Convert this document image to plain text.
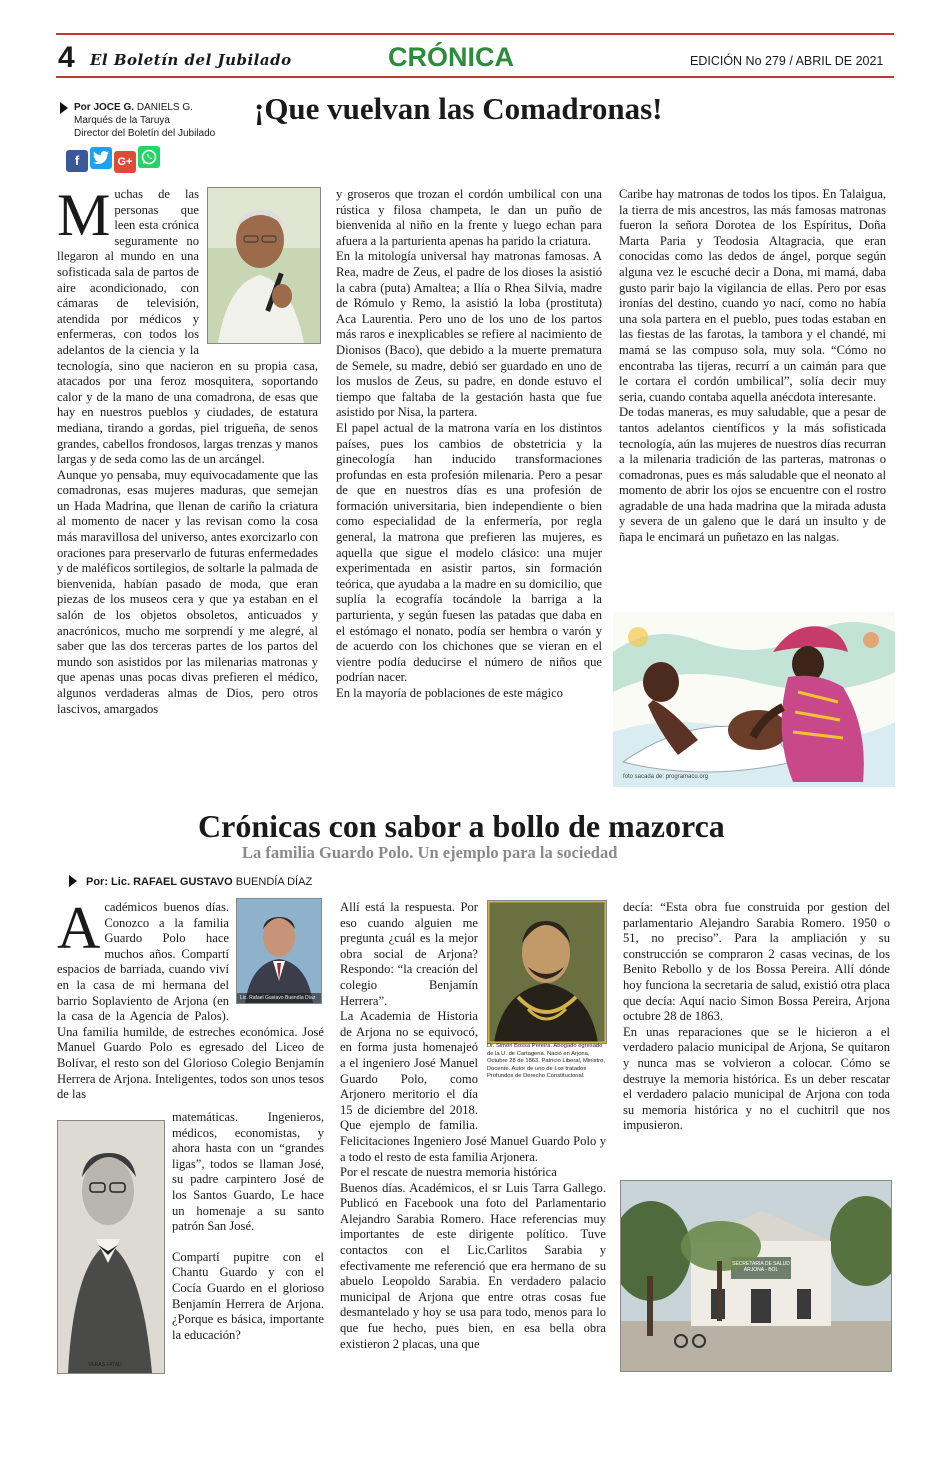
4 El Boletín del Jubilado	CRÓNICA	EDICIÓN No 279 / ABRIL DE 2021
Por JOCE G. DANIELS G.
Marqués de la Taruya
Director del Boletín del Jubilado
f	G+
¡Que vuelvan las Comadronas!
M uchas de las personas que leen esta crónica seguramente no llegaron al mundo en una sofisticada sala de partos de aire acondicionado, con cámaras de televisión, atendida por médicos y enfermeras, con todos los adelantos de la ciencia y la tecnología, sino que nacieron en su propia casa, atacados por una feroz mosquitera, soportando calor y de la mano de una comadrona, de esas que hay en nuestros pueblos y ciudades, de estatura mediana, tirando a gordas, piel trigueña, de senos grandes, cabellos frondosos, largas trenzas y manos largas y de seda como las de un arcángel.

Aunque yo pensaba, muy equivocadamente que las comadronas, esas mujeres maduras, que semejan un Hada Madrina, que llenan de cariño la criatura al momento de nacer y las revisan como la cosa más maravillosa del universo, antes exorcizarlo con oraciones para preservarlo de futuras enfermedades y de maléficos sortilegios, de soltarle la palmada de bienvenida, habían pasado de moda, que eran piezas de los museos cera y que ya estaban en el salón de los objetos obsoletos, anticuados y anacrónicos, mucho me sorprendí y me alegré, al saber que las dos terceras partes de los partos del mundo son asistidos por las milenarias matronas y que apenas unas pocas divas prefieren el médico, algunos verdaderas almas de Dios, pero otros lascivos, amargados

y groseros que trozan el cordón umbilical con una rústica y filosa champeta, le dan un puño de bienvenida al niño en la frente y luego echan para afuera a la parturienta apenas ha parido la criatura.

En la mitología universal hay matronas famosas. A Rea, madre de Zeus, el padre de los dioses la asistió la cabra (puta) Amaltea; a Ilía o Rhea Silvia, madre de Rómulo y Remo, la asistió la loba (prostituta) Aca Laurentia. Pero uno de los uno de los partos más raros e inexplicables se refiere al nacimiento de Dionisos (Baco), que debido a la muerte prematura de Semele, su madre, debió ser guardado en uno de los muslos de Zeus, su padre, en donde estuvo el tiempo que faltaba de la gestación hasta que fue asistido por Nisa, la partera.

El papel actual de la matrona varía en los distintos países, pues los cambios de obstetricia y la ginecología han inducido transformaciones profundas en esta profesión milenaria. Pero a pesar de que en nuestros días es una profesión de formación universitaria, bien independiente o bien como especialidad de la enfermería, por regla general, la matrona que prefieren las mujeres, es aquella que sigue el modelo clásico: una mujer experimentada en asistir partos, sin formación teórica, que ayudaba a la madre en su domicilio, que suplía la ecografía tocándole la barriga a la parturienta, y según fuesen las patadas que daba en el estómago el nonato, podía ser hembra o varón y de acuerdo con los chichones que se vieran en el vientre podía deducirse el número de niños que podrían nacer.

En la mayoría de poblaciones de este mágico

Caribe hay matronas de todos los tipos. En Talaigua, la tierra de mis ancestros, las más famosas matronas fueron la señora Dorotea de los Espíritus, Doña Marta Paria y Teodosia Altagracia, que eran conocidas como las dedos de ángel, porque según alguna vez le escuché decir a Dona, mi mamá, daba gusto parir bajo la vigilancia de ellas. Pero por esas ironías del destino, cuando yo nací, como no había una sola partera en el pueblo, pues todas estaban en las fiestas de las farotas, la tambora y el chandé, mi mamá se las compuso sola, muy sola. “Cómo no encontraba las tijeras, recurrí a un caimán para que le cortara el cordón umbilical”, solía decir muy seria, cuando contaba aquella anécdota interesante.

De todas maneras, es muy saludable, que a pesar de tantos adelantos científicos y la más sofisticada tecnología, aún las mujeres de nuestros días recurran a la milenaria tradición de las parteras, matronas o comadronas, pues es más saludable que el neonato al momento de abrir los ojos se encuentre con el rostro agradable de una hada madrina que la mirada adusta y severa de un galeno que le dará un insulto y de ñapa le encimará un puñetazo en las nalgas.

foto sacada de: programacu.org
Crónicas con sabor a bollo de mazorca
La familia Guardo Polo. Un ejemplo para la sociedad
Por: Lic. RAFAEL GUSTAVO BUENDÍA DÍAZ
A cadémicos buenos días. Conozco a la familia Guardo Polo hace muchos años. Compartí espacios de barriada, cuando viví en la casa de mi hermana del barrio Soplaviento de Arjona (en la casa de la Agencia de Palos). Una familia humilde, de estreches económica. José Manuel Guardo Polo es egresado del Liceo de Bolívar, el resto son del Glorioso Colegio Benjamín Herrera de Arjona. Inteligentes, todos son unos tesos de las

matemáticas. Ingenieros, médicos, economistas, y ahora hasta con un “grandes ligas”, todos se llaman José, su padre carpintero José de los Santos Guardo, Le hace un homenaje a su santo patrón San José.

Compartí pupitre con el Chantu Guardo y con el Cocía Guardo en el glorioso Benjamín Herrera de Arjona. ¿Porque es básica, importante la educación?

Lic. Rafael Gustavo Buendía Díaz
VERAS FATAD

Allí está la respuesta. Por eso cuando alguien me pregunta ¿cuál es la mejor obra social de Arjona? Respondo: “la creación del colegio Benjamín Herrera”.

La Academia de Historia de Arjona no se equivocó, en forma justa homenajeó a el ingeniero José Manuel Guardo Polo, como Arjonero meritorio el día 15 de diciembre del 2018. Que ejemplo de familia. Felicitaciones Ingeniero José Manuel Guardo Polo y a todo el resto de esta familia Arjonera.

Por el rescate de nuestra memoria histórica

Buenos días. Académicos, el sr Luis Tarra Gallego. Publicó en Facebook una foto del Parlamentario Alejandro Sarabia Romero. Hace referencias muy importantes de este dirigente político. Tuve contactos con el Lic.Carlitos Sarabia y efectivamente me referenció que era hermano de su abuelo Leopoldo Sarabia. En verdadero palacio municipal de Arjona que entre otras cosas fue desmantelado y hoy se usa para todo, menos para lo que fue hecho, pues bien, en esa bella obra existieron 2 placas, una que

Dr. Simón Bossa Pereira. Abogado egresado de la U. de Cartagena. Nació en Arjona, Octubre 28 de 1863. Patricio Liberal, Ministro, Docente. Autor de uno de Los tratados Profundos de Derecho Constitucional.

decía: “Esta obra fue construida por gestion del parlamentario Alejandro Sarabia Romero. 1950 o 51, no preciso”. Para la ampliación y su construcción se compraron 2 casas vecinas, de los Benito Rebollo y de los Bossa Pereira. Allí dónde hoy funciona la secretaria de salud, existió otra placa que decía: Aquí nacio Simon Bossa Pereira, Arjona octubre 28 de 1863.

En unas reparaciones que se le hicieron a el verdadero palacio municipal de Arjona, Se quitaron y nunca mas se volvieron a colocar. Cómo se destruye la memoria histórica. Es un deber rescatar el verdadero palacio municipal de Arjona con toda su memoria histórica y no el cuchitril que nos impusieron.

SECRETARIA DE SALUD ARJONA - BOL
